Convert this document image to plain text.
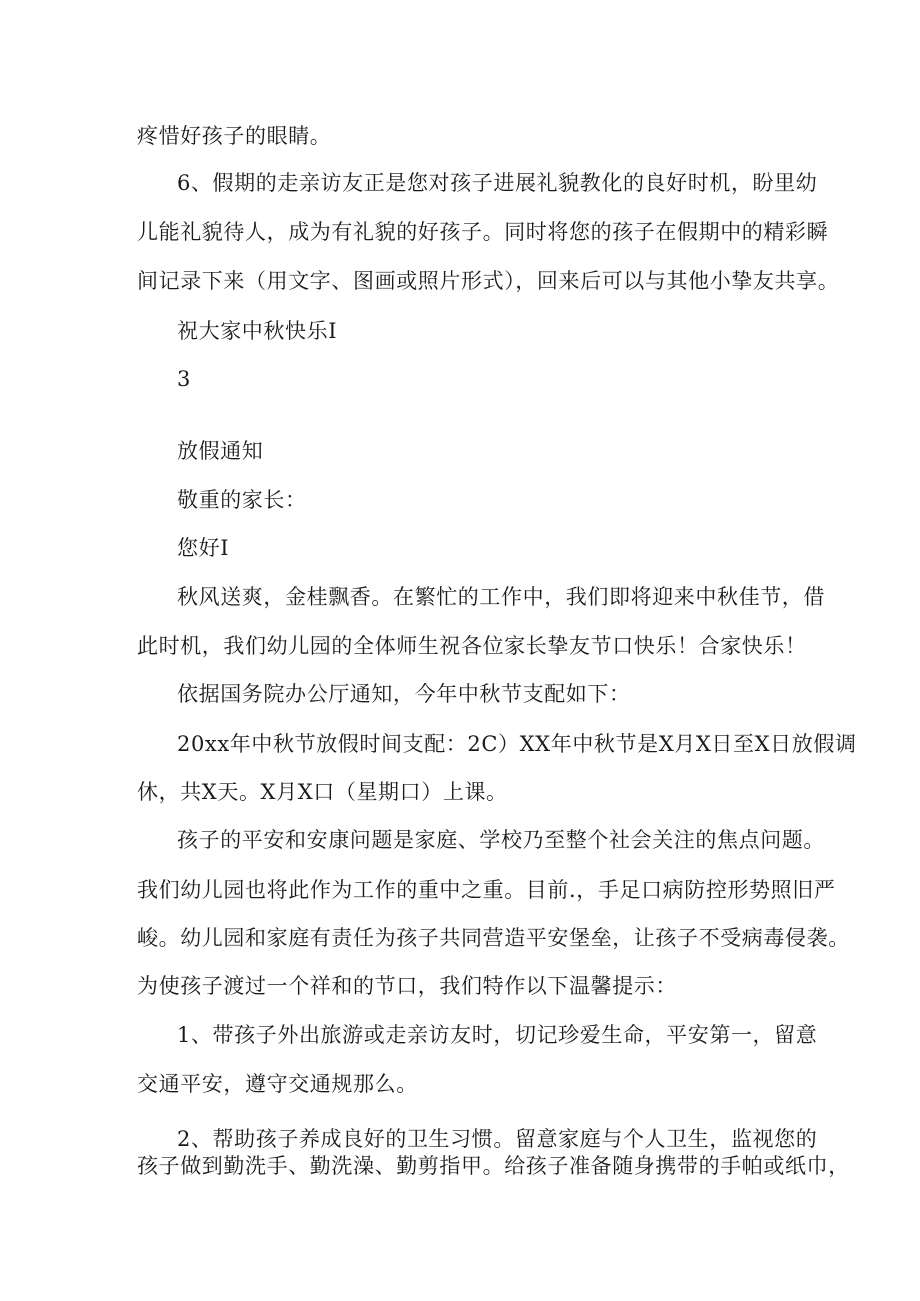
疼惜好孩子的眼睛。
6、假期的走亲访友正是您对孩子进展礼貌教化的良好时机，盼里幼
儿能礼貌待人，成为有礼貌的好孩子。同时将您的孩子在假期中的精彩瞬
间记录下来（用文字、图画或照片形式），回来后可以与其他小挚友共享。
祝大家中秋快乐I
3
放假通知
敬重的家长：
您好I
秋风送爽，金桂飘香。在繁忙的工作中，我们即将迎来中秋佳节，借
此时机，我们幼儿园的全体师生祝各位家长挚友节口快乐！合家快乐！
依据国务院办公厅通知，今年中秋节支配如下：
20xx年中秋节放假时间支配：2C）XX年中秋节是X月X日至X日放假调
休，共X天。X月X口（星期口）上课。
孩子的平安和安康问题是家庭、学校乃至整个社会关注的焦点问题。
我们幼儿园也将此作为工作的重中之重。目前.，手足口病防控形势照旧严
峻。幼儿园和家庭有责任为孩子共同营造平安堡垒，让孩子不受病毒侵袭。
为使孩子渡过一个祥和的节口，我们特作以下温馨提示：
1、带孩子外出旅游或走亲访友时，切记珍爱生命，平安第一，留意
交通平安，遵守交通规那么。
2、帮助孩子养成良好的卫生习惯。留意家庭与个人卫生，监视您的
孩子做到勤洗手、勤洗澡、勤剪指甲。给孩子准备随身携带的手帕或纸巾，
